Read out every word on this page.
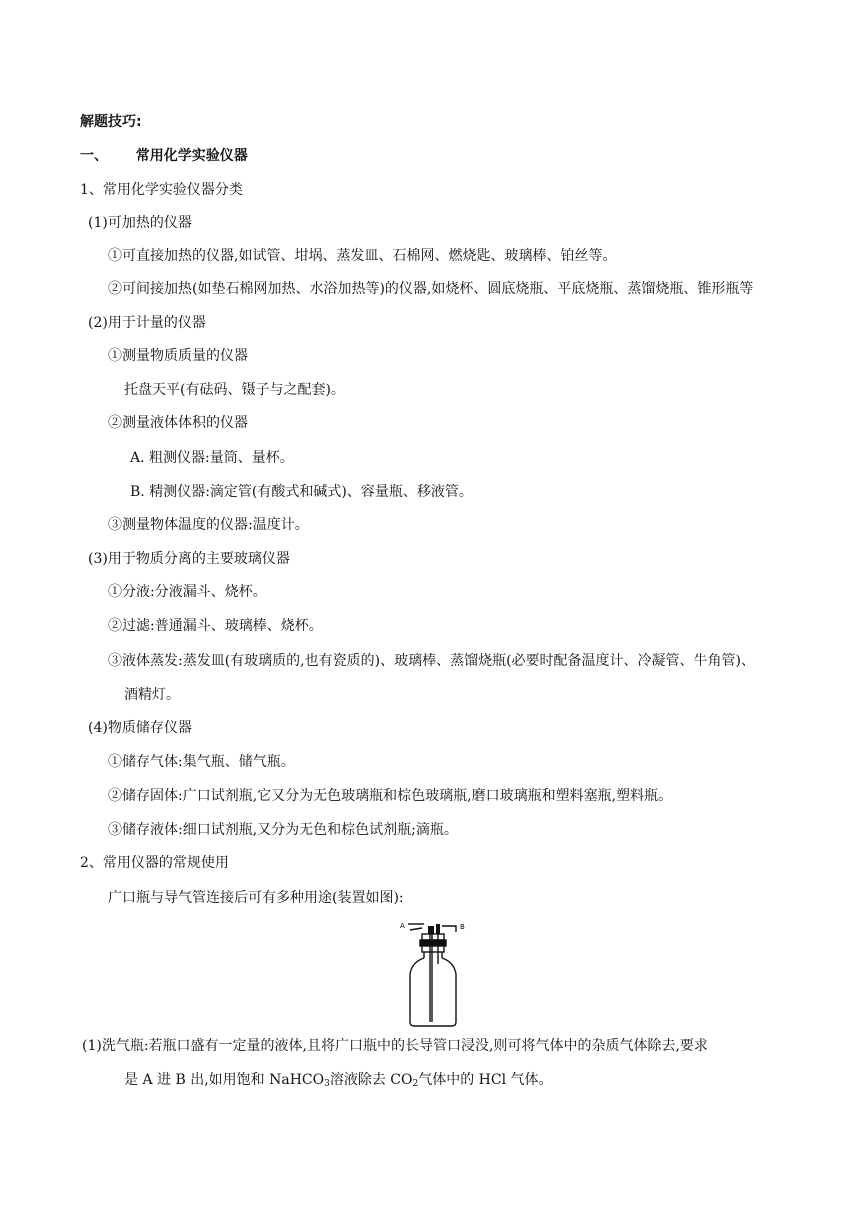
解题技巧:
一、 常用化学实验仪器
1、常用化学实验仪器分类
(1)可加热的仪器
①可直接加热的仪器,如试管、坩埚、蒸发皿、石棉网、燃烧匙、玻璃棒、铂丝等。
②可间接加热(如垫石棉网加热、水浴加热等)的仪器,如烧杯、圆底烧瓶、平底烧瓶、蒸馏烧瓶、锥形瓶等
(2)用于计量的仪器
①测量物质质量的仪器
托盘天平(有砝码、镊子与之配套)。
②测量液体体积的仪器
A. 粗测仪器:量筒、量杯。
B. 精测仪器:滴定管(有酸式和碱式)、容量瓶、移液管。
③测量物体温度的仪器:温度计。
(3)用于物质分离的主要玻璃仪器
①分液:分液漏斗、烧杯。
②过滤:普通漏斗、玻璃棒、烧杯。
③液体蒸发:蒸发皿(有玻璃质的,也有瓷质的)、玻璃棒、蒸馏烧瓶(必要时配备温度计、冷凝管、牛角管)、
酒精灯。
(4)物质储存仪器
①储存气体:集气瓶、储气瓶。
②储存固体:广口试剂瓶,它又分为无色玻璃瓶和棕色玻璃瓶,磨口玻璃瓶和塑料塞瓶,塑料瓶。
③储存液体:细口试剂瓶,又分为无色和棕色试剂瓶;滴瓶。
2、常用仪器的常规使用
广口瓶与导气管连接后可有多种用途(装置如图):
A	B
(1)洗气瓶:若瓶口盛有一定量的液体,且将广口瓶中的长导管口浸没,则可将气体中的杂质气体除去,要求
是 A 进 B 出,如用饱和 NaHCO$_3$溶液除去 $CO_2$气体中的 HCl 气体。
